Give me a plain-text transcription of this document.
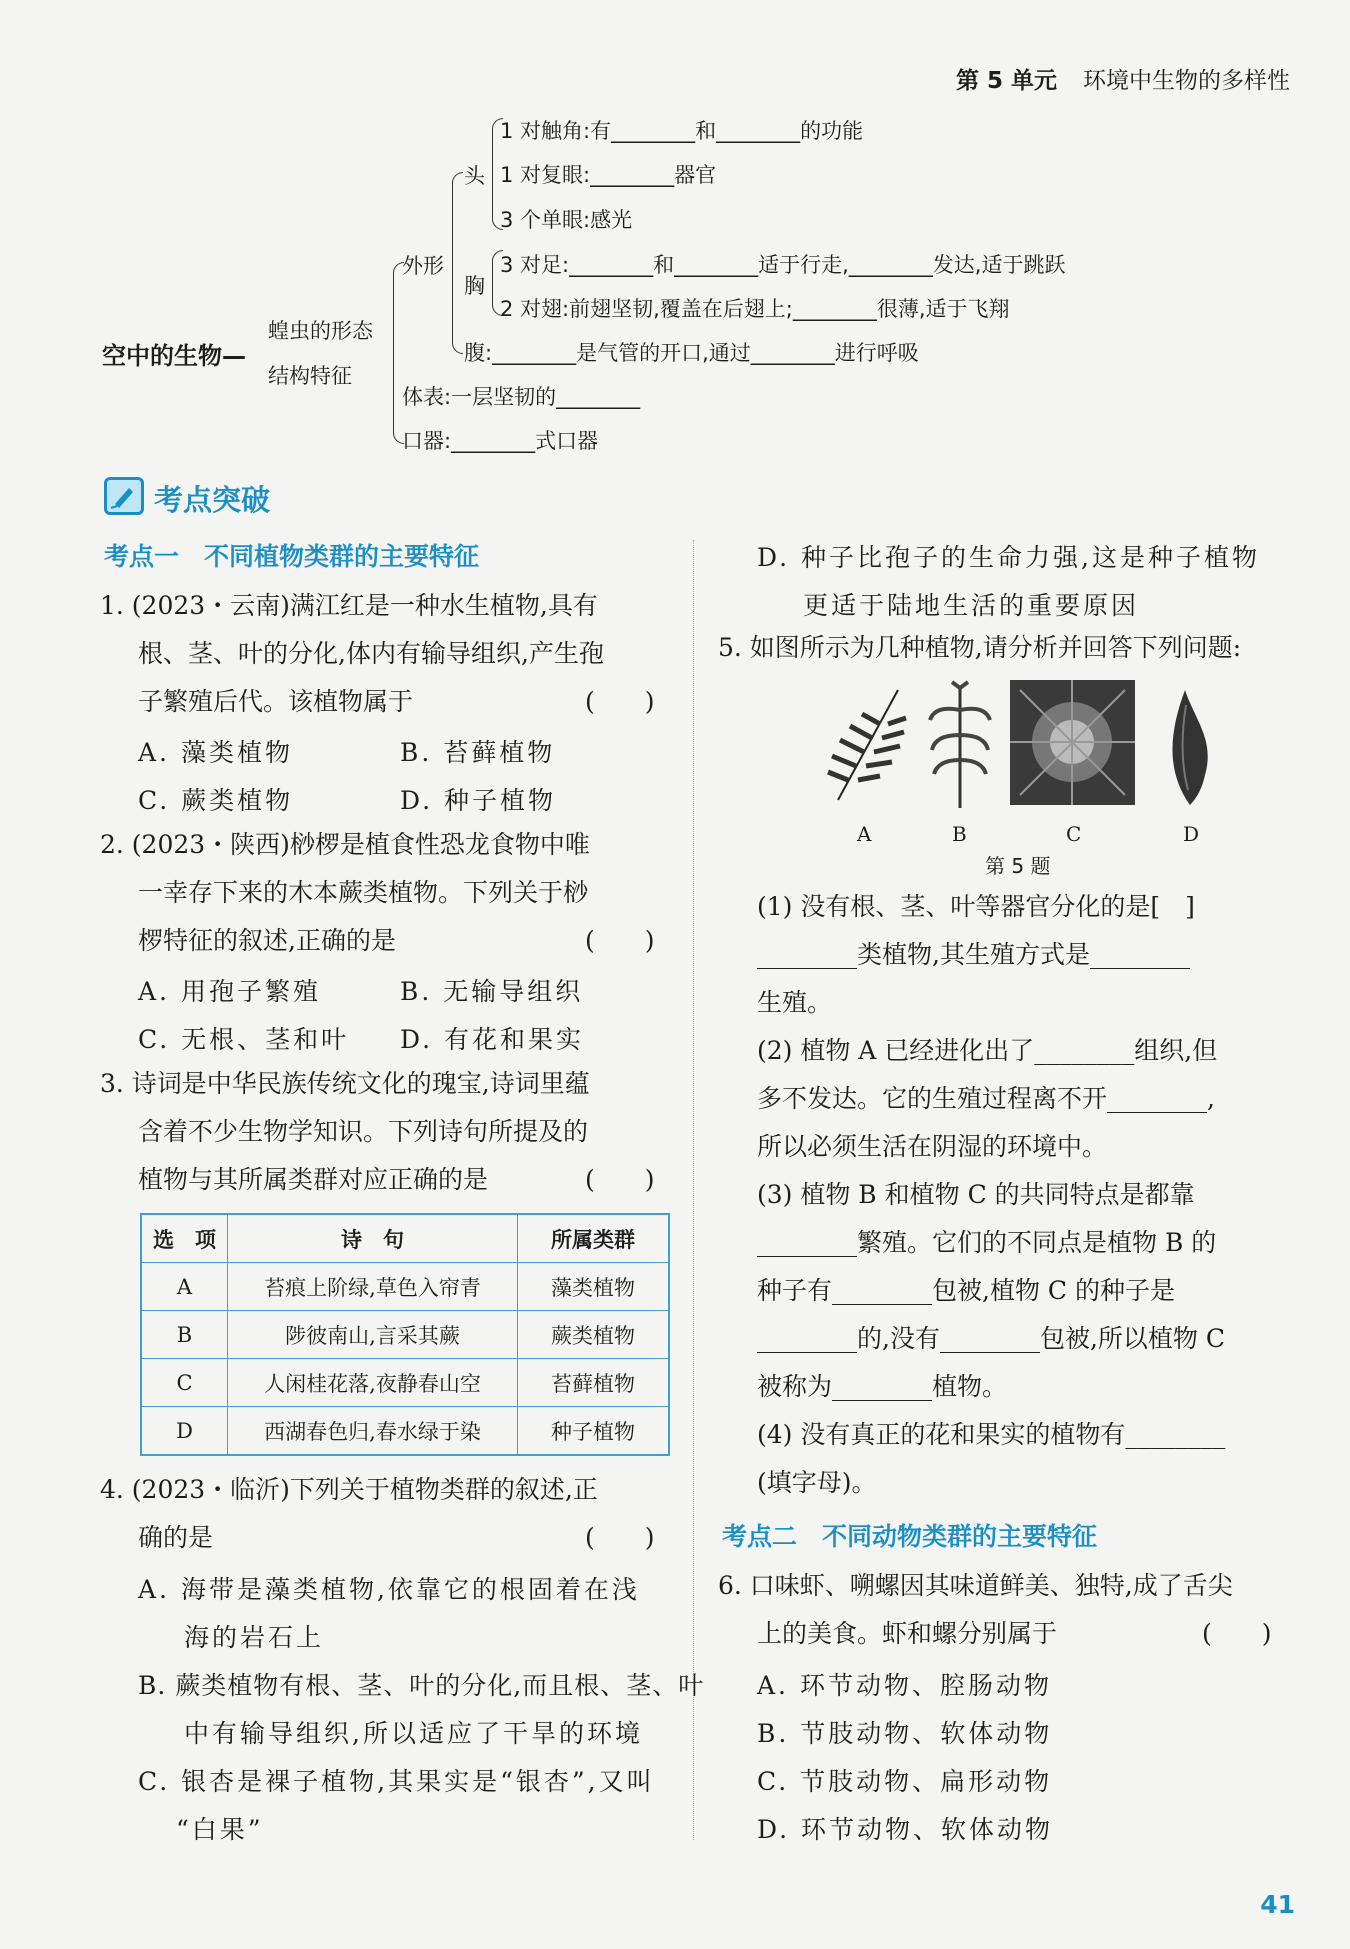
第 5 单元 环境中生物的多样性
空中的生物—
蝗虫的形态
结构特征
外形
头
1 对触角:有________和________的功能
1 对复眼:________器官
3 个单眼:感光
胸
3 对足:________和________适于行走,________发达,适于跳跃
2 对翅:前翅坚韧,覆盖在后翅上;________很薄,适于飞翔
腹:________是气管的开口,通过________进行呼吸
体表:一层坚韧的________
口器:________式口器
考点突破
考点一　不同植物类群的主要特征
1. (2023・云南)满江红是一种水生植物,具有
根、茎、叶的分化,体内有输导组织,产生孢
子繁殖后代。该植物属于	(　　)
A. 藻类植物	B. 苔藓植物
C. 蕨类植物	D. 种子植物
2. (2023・陕西)桫椤是植食性恐龙食物中唯
一幸存下来的木本蕨类植物。下列关于桫
椤特征的叙述,正确的是	(　　)
A. 用孢子繁殖	B. 无输导组织
C. 无根、茎和叶 D. 有花和果实
3. 诗词是中华民族传统文化的瑰宝,诗词里蕴
含着不少生物学知识。下列诗句所提及的
植物与其所属类群对应正确的是	(　　)
选　项	诗　句	所属类群
A	苔痕上阶绿,草色入帘青	藻类植物
B	陟彼南山,言采其蕨	蕨类植物
C	人闲桂花落,夜静春山空	苔藓植物
D	西湖春色归,春水绿于染	种子植物
4. (2023・临沂)下列关于植物类群的叙述,正
确的是	(　　)
A. 海带是藻类植物,依靠它的根固着在浅
海的岩石上
B. 蕨类植物有根、茎、叶的分化,而且根、茎、叶
中有输导组织,所以适应了干旱的环境
C. 银杏是裸子植物,其果实是“银杏”,又叫
“白果”
D. 种子比孢子的生命力强,这是种子植物
更适于陆地生活的重要原因
5. 如图所示为几种植物,请分析并回答下列问题:
A	B	C	D
第 5 题
(1) 没有根、茎、叶等器官分化的是[　]
________类植物,其生殖方式是________
生殖。
(2) 植物 A 已经进化出了________组织,但
多不发达。它的生殖过程离不开________,
所以必须生活在阴湿的环境中。
(3) 植物 B 和植物 C 的共同特点是都靠
________繁殖。它们的不同点是植物 B 的
种子有________包被,植物 C 的种子是
________的,没有________包被,所以植物 C
被称为________植物。
(4) 没有真正的花和果实的植物有________
(填字母)。
考点二　不同动物类群的主要特征
6. 口味虾、嗍螺因其味道鲜美、独特,成了舌尖
上的美食。虾和螺分别属于	(　　)
A. 环节动物、腔肠动物
B. 节肢动物、软体动物
C. 节肢动物、扁形动物
D. 环节动物、软体动物
41
